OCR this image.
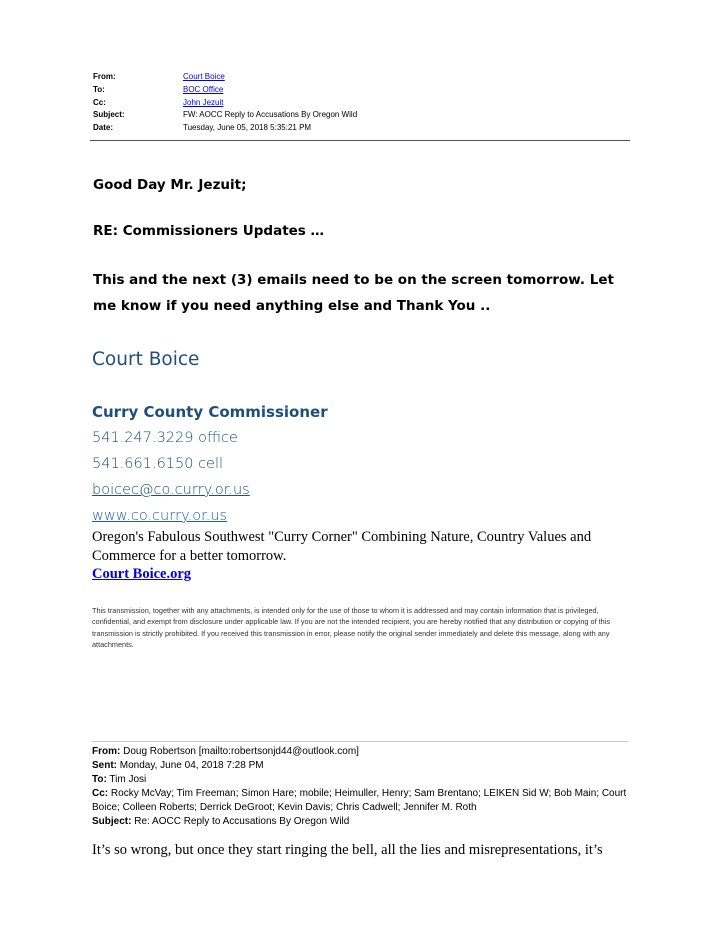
From:	Court Boice
To:	BOC Office
Cc:	John Jezuit
Subject:	FW: AOCC Reply to Accusations By Oregon Wild
Date:	Tuesday, June 05, 2018 5:35:21 PM
Good Day Mr. Jezuit;
RE: Commissioners Updates …
This and the next (3) emails need to be on the screen tomorrow. Let me know if you need anything else and Thank You ..
Court Boice
Curry County Commissioner
541.247.3229 office
541.661.6150 cell
boicec@co.curry.or.us
www.co.curry.or.us
Oregon's Fabulous Southwest "Curry Corner" Combining Nature, Country Values and Commerce for a better tomorrow.
Court Boice.org
This transmission, together with any attachments, is intended only for the use of those to whom it is addressed and may contain information that is privileged, confidential, and exempt from disclosure under applicable law. If you are not the intended recipient, you are hereby notified that any distribution or copying of this transmission is strictly prohibited. If you received this transmission in error, please notify the original sender immediately and delete this message, along with any attachments.
From: Doug Robertson [mailto:robertsonjd44@outlook.com]
Sent: Monday, June 04, 2018 7:28 PM
To: Tim Josi
Cc: Rocky McVay; Tim Freeman; Simon Hare; mobile; Heimuller, Henry; Sam Brentano; LEIKEN Sid W; Bob Main; Court Boice; Colleen Roberts; Derrick DeGroot; Kevin Davis; Chris Cadwell; Jennifer M. Roth
Subject: Re: AOCC Reply to Accusations By Oregon Wild
It’s so wrong, but once they start ringing the bell, all the lies and misrepresentations, it’s
